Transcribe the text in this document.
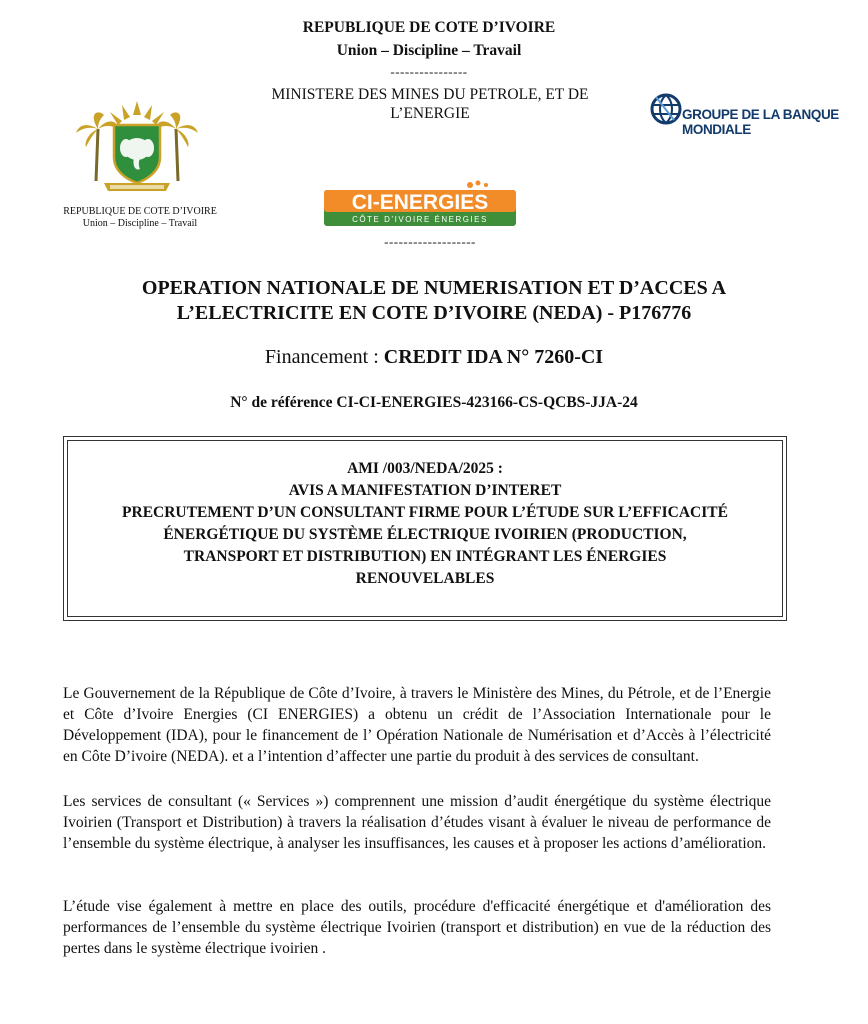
REPUBLIQUE DE COTE D’IVOIRE
Union – Discipline – Travail
----------------
MINISTERE DES MINES DU PETROLE, ET DE
L’ENERGIE
REPUBLIQUE DE COTE D’IVOIRE
Union – Discipline – Travail
GROUPE DE LA BANQUE MONDIALE
CI-ENERGIES
CÔTE D’IVOIRE ÉNERGIES
-------------------
OPERATION NATIONALE DE NUMERISATION ET D’ACCES A
L’ELECTRICITE EN COTE D’IVOIRE (NEDA) - P176776
Financement : CREDIT IDA N° 7260-CI
N° de référence CI-CI-ENERGIES-423166-CS-QCBS-JJA-24
AMI /003/NEDA/2025 :
AVIS A MANIFESTATION D’INTERET
PRECRUTEMENT D’UN CONSULTANT FIRME POUR L’ÉTUDE SUR L’EFFICACITÉ
ÉNERGÉTIQUE DU SYSTÈME ÉLECTRIQUE IVOIRIEN (PRODUCTION,
TRANSPORT ET DISTRIBUTION) EN INTÉGRANT LES ÉNERGIES
RENOUVELABLES
Le Gouvernement de la République de Côte d’Ivoire, à travers le Ministère des Mines, du Pétrole, et de l’Energie et Côte d’Ivoire Energies (CI ENERGIES) a obtenu un crédit de l’Association Internationale pour le Développement (IDA), pour le financement de l’ Opération Nationale de Numérisation et d’Accès à l’électricité en Côte D’ivoire (NEDA). et a l’intention d’affecter une partie du produit à des services de consultant.
Les services de consultant (« Services ») comprennent une mission d’audit énergétique du système électrique Ivoirien (Transport et Distribution) à travers la réalisation d’études visant à évaluer le niveau de performance de l’ensemble du système électrique, à analyser les insuffisances, les causes et à proposer les actions d’amélioration.
L’étude vise également à mettre en place des outils, procédure d'efficacité énergétique et d'amélioration des performances de l’ensemble du système électrique Ivoirien (transport et distribution) en vue de la réduction des pertes dans le système électrique ivoirien .
